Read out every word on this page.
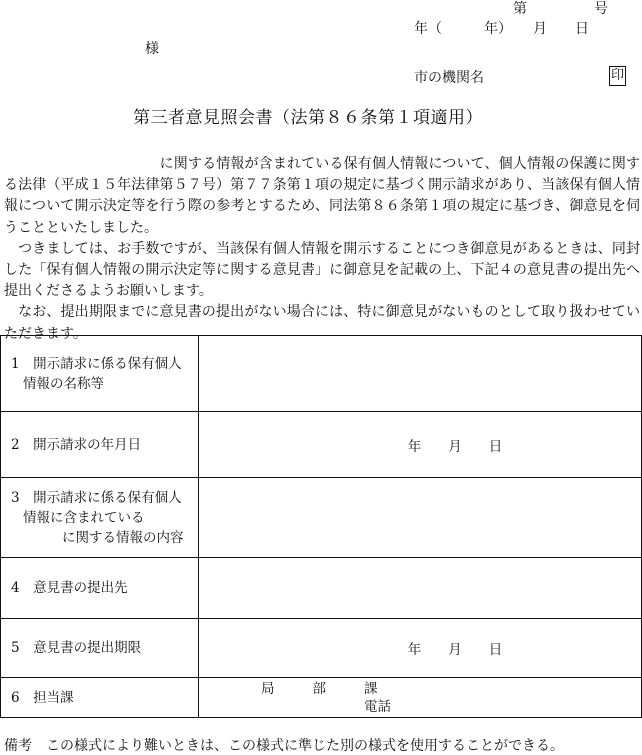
第	号
年（　　　年）　　月　　日
様
市の機関名	印
第三者意見照会書（法第８６条第１項適用）

　　　　　　　　　　　に関する情報が含まれている保有個人情報について、個人情報の保護に関する法律（平成１５年法律第５７号）第７７条第１項の規定に基づく開示請求があり、当該保有個人情報について開示決定等を行う際の参考とするため、同法第８６条第１項の規定に基づき、御意見を伺うことといたしました。

　つきましては、お手数ですが、当該保有個人情報を開示することにつき御意見があるときは、同封した「保有個人情報の開示決定等に関する意見書」に御意見を記載の上、下記４の意見書の提出先へ提出くださるようお願いします。

　なお、提出期限までに意見書の提出がない場合には、特に御意見がないものとして取り扱わせていただきます。

1　開示請求に係る保有個人
情報の名称等	

2　開示請求の年月日	年　　月　　日

3　開示請求に係る保有個人
情報に含まれている
に関する情報の内容	

4　意見書の提出先	
5　意見書の提出期限	年　　月　　日
6　担当課	局 部 課
電話
備考　この様式により難いときは、この様式に準じた別の様式を使用することができる。
